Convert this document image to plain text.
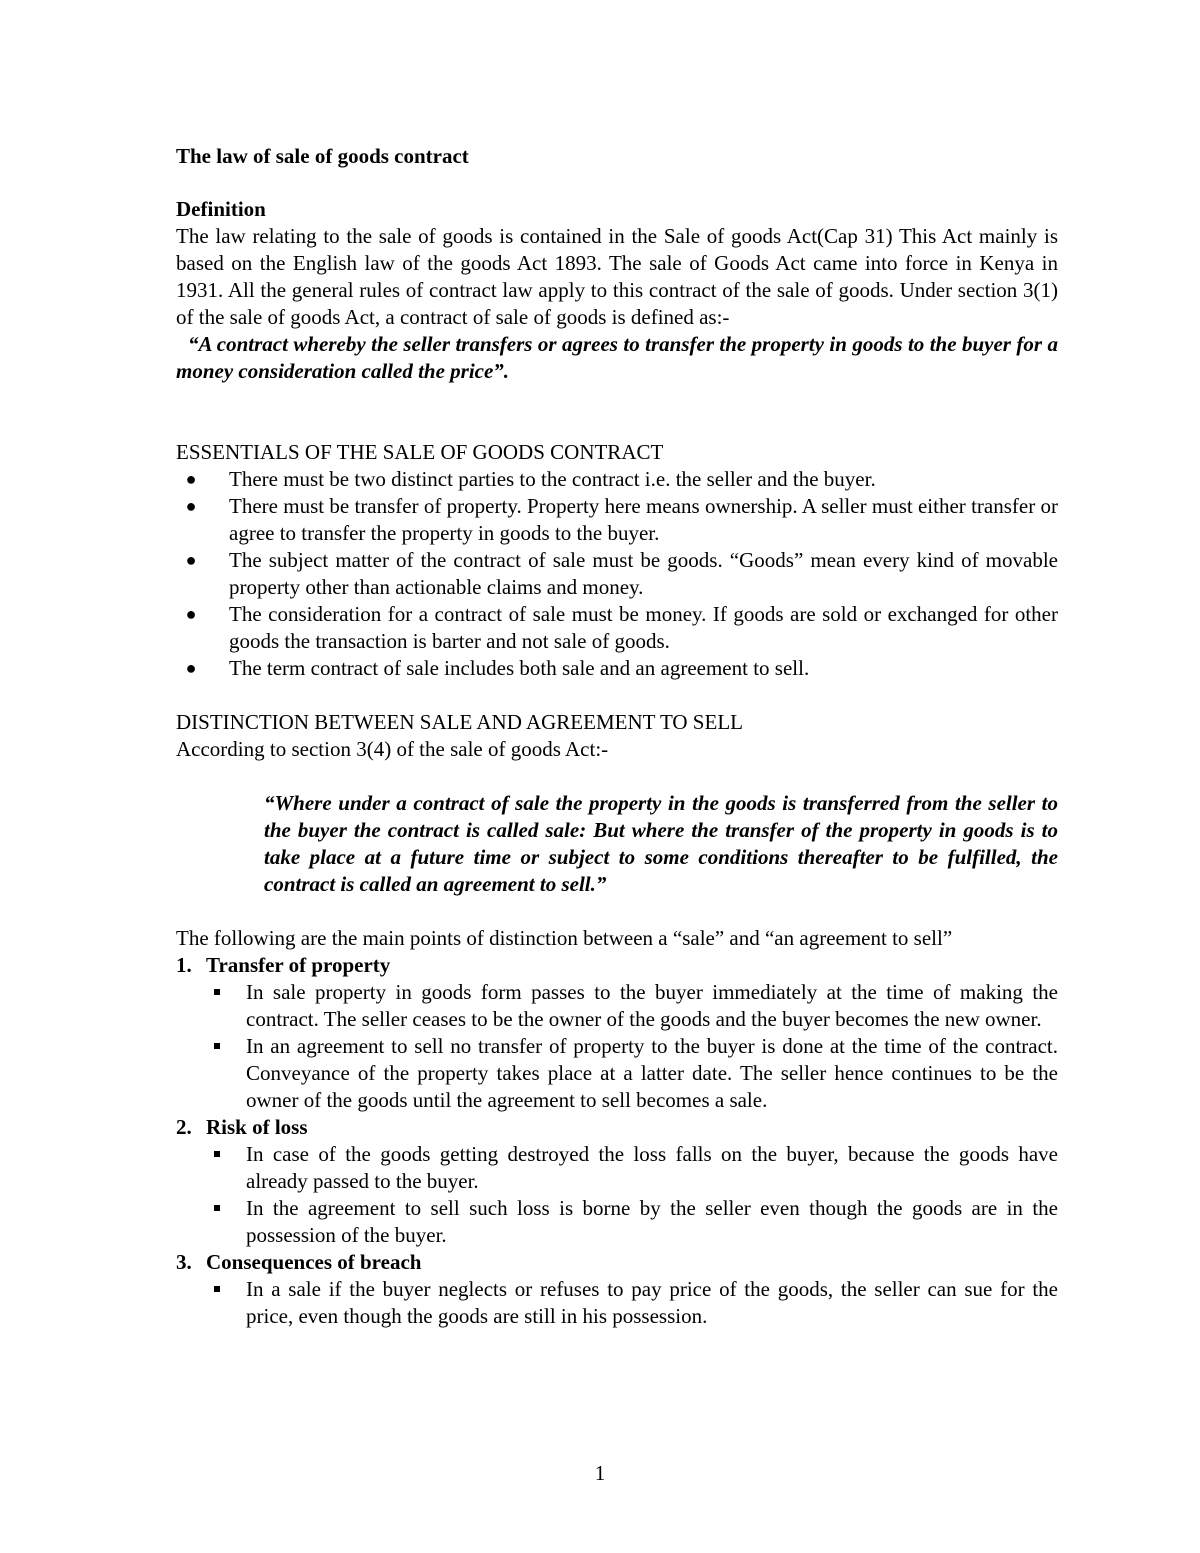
The law of sale of goods contract

Definition

The law relating to the sale of goods is contained in the Sale of goods Act(Cap 31) This Act mainly is based on the English law of the goods Act 1893. The sale of Goods Act came into force in Kenya in 1931. All the general rules of contract law apply to this contract of the sale of goods. Under section 3(1) of the sale of goods Act, a contract of sale of goods is defined as:-

“A contract whereby the seller transfers or agrees to transfer the property in goods to the buyer for a money consideration called the price”.

ESSENTIALS OF THE SALE OF GOODS CONTRACT

● There must be two distinct parties to the contract i.e. the seller and the buyer.
● There must be transfer of property. Property here means ownership. A seller must either transfer or agree to transfer the property in goods to the buyer.
● The subject matter of the contract of sale must be goods. “Goods” mean every kind of movable property other than actionable claims and money.
● The consideration for a contract of sale must be money. If goods are sold or exchanged for other goods the transaction is barter and not sale of goods.
● The term contract of sale includes both sale and an agreement to sell.

DISTINCTION BETWEEN SALE AND AGREEMENT TO SELL

According to section 3(4) of the sale of goods Act:-

“Where under a contract of sale the property in the goods is transferred from the seller to the buyer the contract is called sale: But where the transfer of the property in goods is to take place at a future time or subject to some conditions thereafter to be fulfilled, the contract is called an agreement to sell.”

The following are the main points of distinction between a “sale” and “an agreement to sell”

1. Transfer of property
In sale property in goods form passes to the buyer immediately at the time of making the contract. The seller ceases to be the owner of the goods and the buyer becomes the new owner.
In an agreement to sell no transfer of property to the buyer is done at the time of the contract. Conveyance of the property takes place at a latter date. The seller hence continues to be the owner of the goods until the agreement to sell becomes a sale.
2. Risk of loss
In case of the goods getting destroyed the loss falls on the buyer, because the goods have already passed to the buyer.
In the agreement to sell such loss is borne by the seller even though the goods are in the possession of the buyer.
3. Consequences of breach
In a sale if the buyer neglects or refuses to pay price of the goods, the seller can sue for the price, even though the goods are still in his possession.
1
